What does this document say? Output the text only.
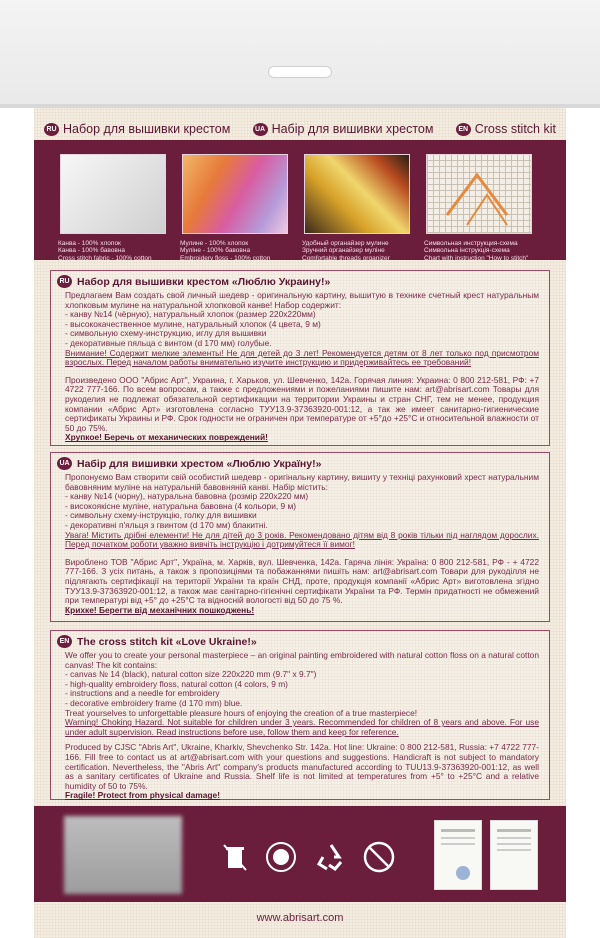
RU Набор для вышивки крестом	UA Набір для вишивки хрестом	EN Cross stitch kit
Канва - 100% хлопок
Канва - 100% бавовна
Cross stitch fabric - 100% cotton
Мулине - 100% хлопок
Муліне - 100% бавовна
Embroidery floss - 100% cotton
Удобный органайзер мулине
Зручний органайзер муліне
Comfortable threads organizer
Символьная инструкция-схема
Символьна інструкція-схема
Chart with instruction "How to stitch"
RU Набор для вышивки крестом «Люблю Украину!»
Предлагаем Вам создать свой личный шедевр - оригинальную картину, вышитую в технике счетный крест натуральным хлопковым мулине на натуральной хлопковой канве! Набор содержит:
- канву №14 (чёрную), натуральный хлопок (размер 220x220мм)
- высококачественное мулине, натуральный хлопок (4 цвета, 9 м)
- символьную схему-инструкцию, иглу для вышивки
- декоративные пяльца с винтом (d 170 мм) голубые.
Внимание! Содержит мелкие элементы! Не для детей до 3 лет! Рекомендуется детям от 8 лет только под присмотром взрослых. Перед началом работы внимательно изучите инструкцию и придерживайтесь ее требований!
Произведено ООО "Абрис Арт", Украина, г. Харьков, ул. Шевченко, 142а. Горячая линия: Украина: 0 800 212-581, РФ: +7 4722 777-166. По всем вопросам, а также с предложениями и пожеланиями пишите нам: art@abrisart.com Товары для рукоделия не подлежат обязательной сертификации на территории Украины и стран СНГ, тем не менее, продукция компании «Абрис Арт» изготовлена согласно ТУУ13.9-37363920-001:12, а так же имеет санитарно-гигиенические сертификаты Украины и РФ. Срок годности не ограничен при температуре от +5°до +25°С и относительной влажности от 50 до 75%.
Хрупкое! Беречь от механических повреждений!
UA Набір для вишивки хрестом «Люблю Україну!»
Пропонуємо Вам створити свій особистий шедевр - оригінальну картину, вишиту у техніці рахунковий хрест натуральним бавовняним муліне на натуральній бавовняній канві. Набір містить:
- канву №14 (чорну), натуральна бавовна (розмір 220x220 мм)
- високоякісне муліне, натуральна бавовна (4 кольори, 9 м)
- символьну схему-інструкцію, голку для вишивки
- декоративні п'яльця з гвинтом (d 170 мм) блакитні.
Увага! Містить дрібні елементи! Не для дітей до 3 років. Рекомендовано дітям від 8 років тільки під наглядом дорослих. Перед початком роботи уважно вивчіть інструкцію і дотримуйтеся її вимог!
Вироблено ТОВ "Абрис Арт", Україна, м. Харків, вул. Шевченка, 142а. Гаряча лінія: Україна: 0 800 212-581, РФ - + 4722 777-166. З усіх питань, а також з пропозиціями та побажаннями пишіть нам: art@abrisart.com Товари для рукоділля не підлягають сертифікації на території України та країн СНД, проте, продукція компанії «Абрис Арт» виготовлена згідно ТУУ13.9-37363920-001:12, а також має санітарно-гігієнічні сертифікати України та РФ. Термін придатності не обмежений при температурі від +5° до +25°С та відносній вологості від 50 до 75 %.
Крихке! Берегти від механічних пошкоджень!
EN The cross stitch kit «Love Ukraine!»
We offer you to create your personal masterpiece – an original painting embroidered with natural cotton floss on a natural cotton canvas! The kit contains:
- canvas № 14 (black), natural cotton size 220x220 mm (9.7" x 9.7")
- high-quality embroidery floss, natural cotton (4 colors, 9 m)
- instructions and a needle for embroidery
- decorative embroidery frame (d 170 mm) blue.
Treat yourselves to unforgettable pleasure hours of enjoying the creation of a true masterpiece!
Warning! Choking Hazard. Not suitable for children under 3 years. Recommended for children of 8 years and above. For use under adult supervision. Read instructions before use, follow them and keep for reference.
Produced by CJSC "Abris Art", Ukraine, Kharkiv, Shevchenko Str. 142a. Hot line: Ukraine: 0 800 212-581, Russia: +7 4722 777-166. Fill free to contact us at art@abrisart.com with your questions and suggestions. Handicraft is not subject to mandatory certification. Nevertheless, the "Abris Art" company's products manufactured according to TUU13.9-37363920-001:12, as well as a sanitary certificates of Ukraine and Russia. Shelf life is not limited at temperatures from +5° to +25°C and a relative humidity of 50 to 75%.
Fragile! Protect from physical damage!
www.abrisart.com
